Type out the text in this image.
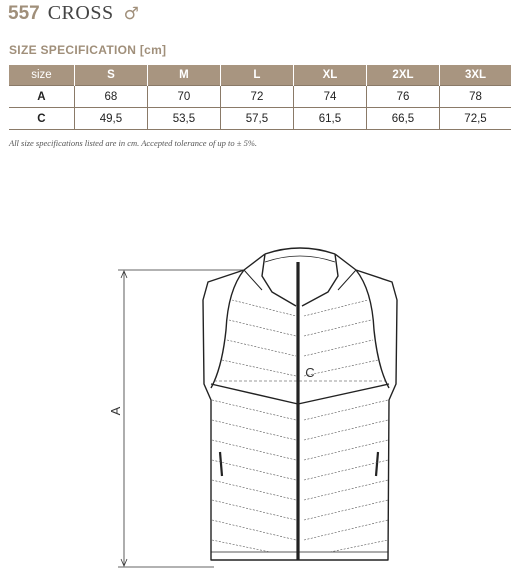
557 CROSS ♂
SIZE SPECIFICATION [cm]
size	S	M	L	XL	2XL	3XL
A	68	70	72	74	76	78
C	49,5	53,5	57,5	61,5	66,5	72,5
All size specifications listed are in cm. Accepted tolerance of up to ± 5%.
A
C
